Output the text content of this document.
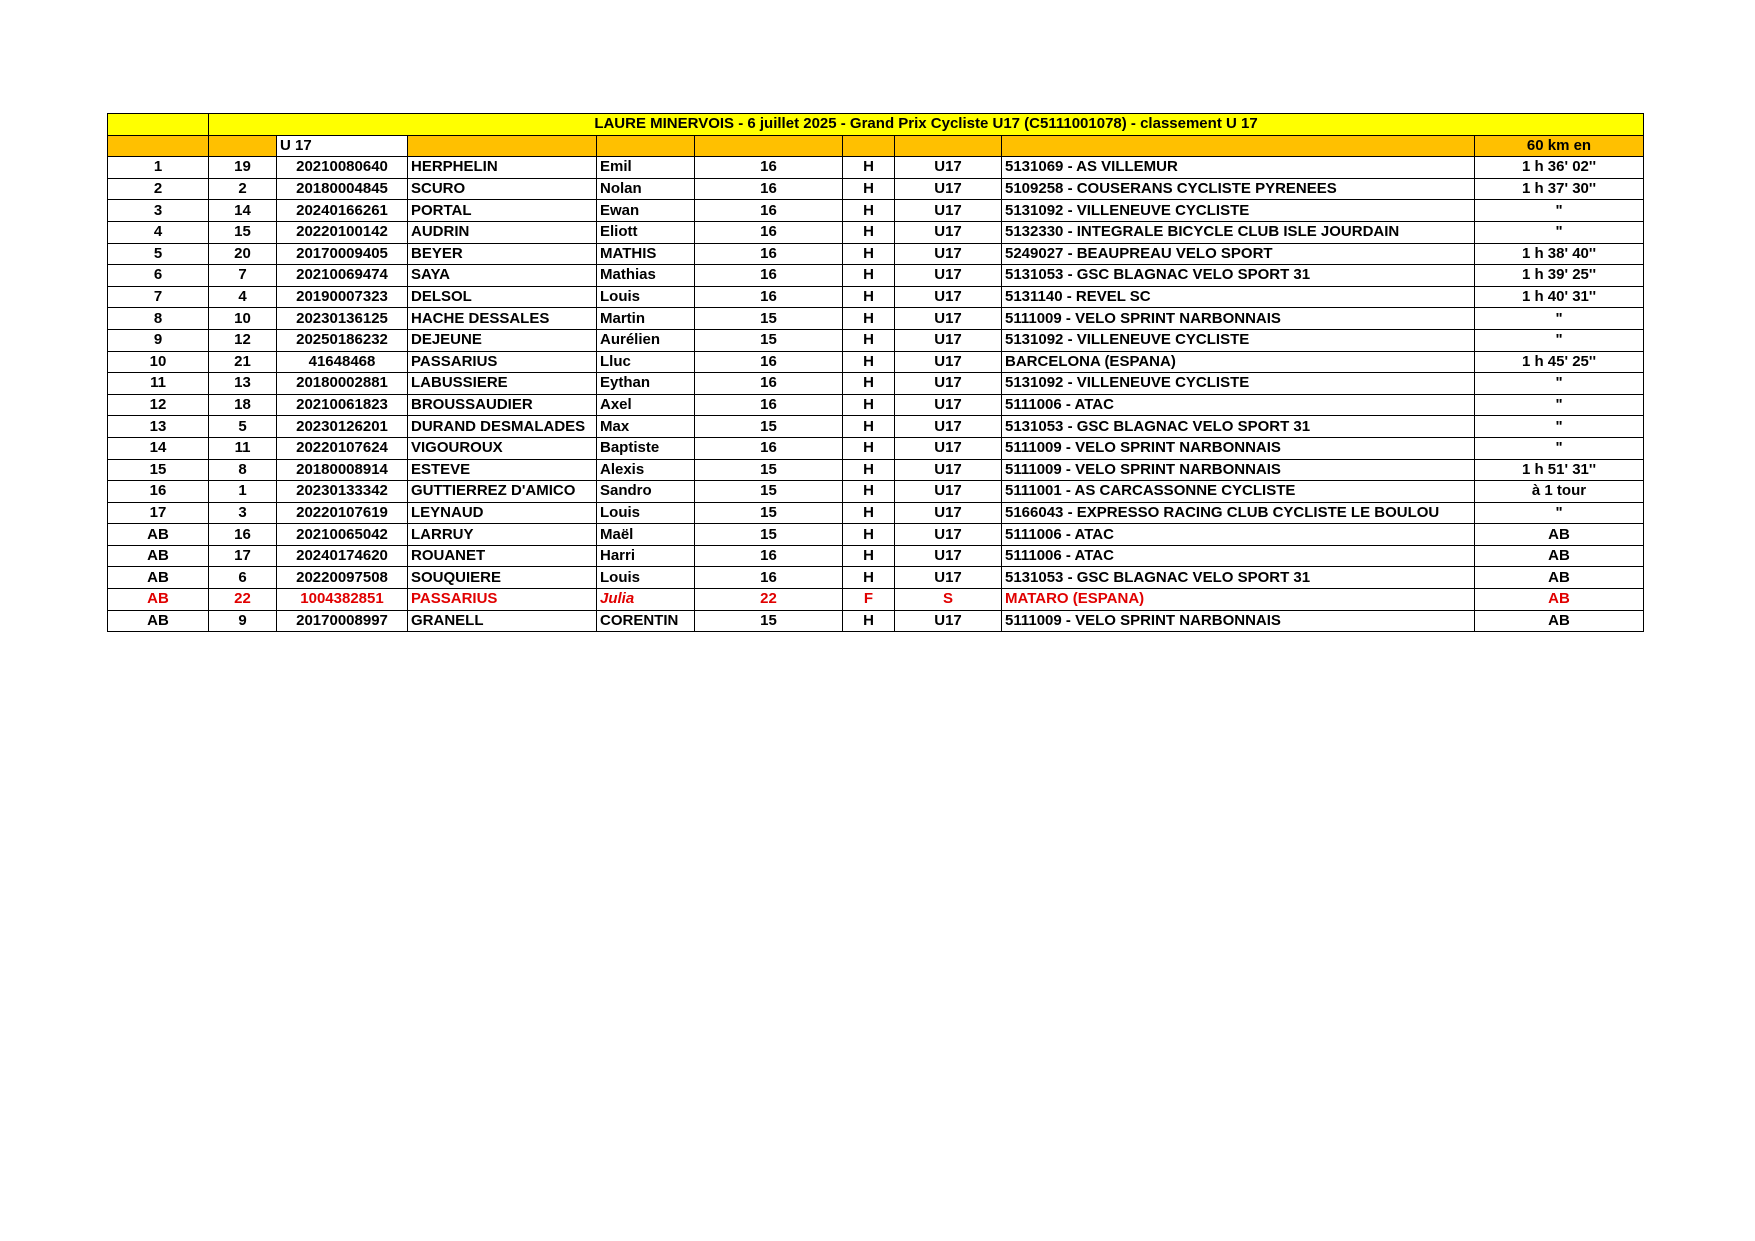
	LAURE MINERVOIS - 6 juillet 2025 - Grand Prix Cycliste U17 (C5111001078) - classement U 17								
		U 17							60 km en
1	19	20210080640	HERPHELIN	Emil	16	H	U17	5131069 - AS VILLEMUR	1 h 36' 02''
2	2	20180004845	SCURO	Nolan	16	H	U17	5109258 - COUSERANS CYCLISTE PYRENEES	1 h 37' 30''
3	14	20240166261	PORTAL	Ewan	16	H	U17	5131092 - VILLENEUVE CYCLISTE	"
4	15	20220100142	AUDRIN	Eliott	16	H	U17	5132330 - INTEGRALE BICYCLE CLUB ISLE JOURDAIN	"
5	20	20170009405	BEYER	MATHIS	16	H	U17	5249027 - BEAUPREAU VELO SPORT	1 h 38' 40''
6	7	20210069474	SAYA	Mathias	16	H	U17	5131053 - GSC BLAGNAC VELO SPORT 31	1 h 39' 25''
7	4	20190007323	DELSOL	Louis	16	H	U17	5131140 - REVEL SC	1 h 40' 31''
8	10	20230136125	HACHE DESSALES	Martin	15	H	U17	5111009 - VELO SPRINT NARBONNAIS	"
9	12	20250186232	DEJEUNE	Aurélien	15	H	U17	5131092 - VILLENEUVE CYCLISTE	"
10	21	41648468	PASSARIUS	Lluc	16	H	U17	BARCELONA (ESPANA)	1 h 45' 25''
11	13	20180002881	LABUSSIERE	Eythan	16	H	U17	5131092 - VILLENEUVE CYCLISTE	"
12	18	20210061823	BROUSSAUDIER	Axel	16	H	U17	5111006 - ATAC	"
13	5	20230126201	DURAND DESMALADES	Max	15	H	U17	5131053 - GSC BLAGNAC VELO SPORT 31	"
14	11	20220107624	VIGOUROUX	Baptiste	16	H	U17	5111009 - VELO SPRINT NARBONNAIS	"
15	8	20180008914	ESTEVE	Alexis	15	H	U17	5111009 - VELO SPRINT NARBONNAIS	1 h 51' 31''
16	1	20230133342	GUTTIERREZ D'AMICO	Sandro	15	H	U17	5111001 - AS CARCASSONNE CYCLISTE	à 1 tour
17	3	20220107619	LEYNAUD	Louis	15	H	U17	5166043 - EXPRESSO RACING CLUB CYCLISTE LE BOULOU	"
AB	16	20210065042	LARRUY	Maël	15	H	U17	5111006 - ATAC	AB
AB	17	20240174620	ROUANET	Harri	16	H	U17	5111006 - ATAC	AB
AB	6	20220097508	SOUQUIERE	Louis	16	H	U17	5131053 - GSC BLAGNAC VELO SPORT 31	AB
AB	22	1004382851	PASSARIUS	Julia	22	F	S	MATARO (ESPANA)	AB
AB	9	20170008997	GRANELL	CORENTIN	15	H	U17	5111009 - VELO SPRINT NARBONNAIS	AB
